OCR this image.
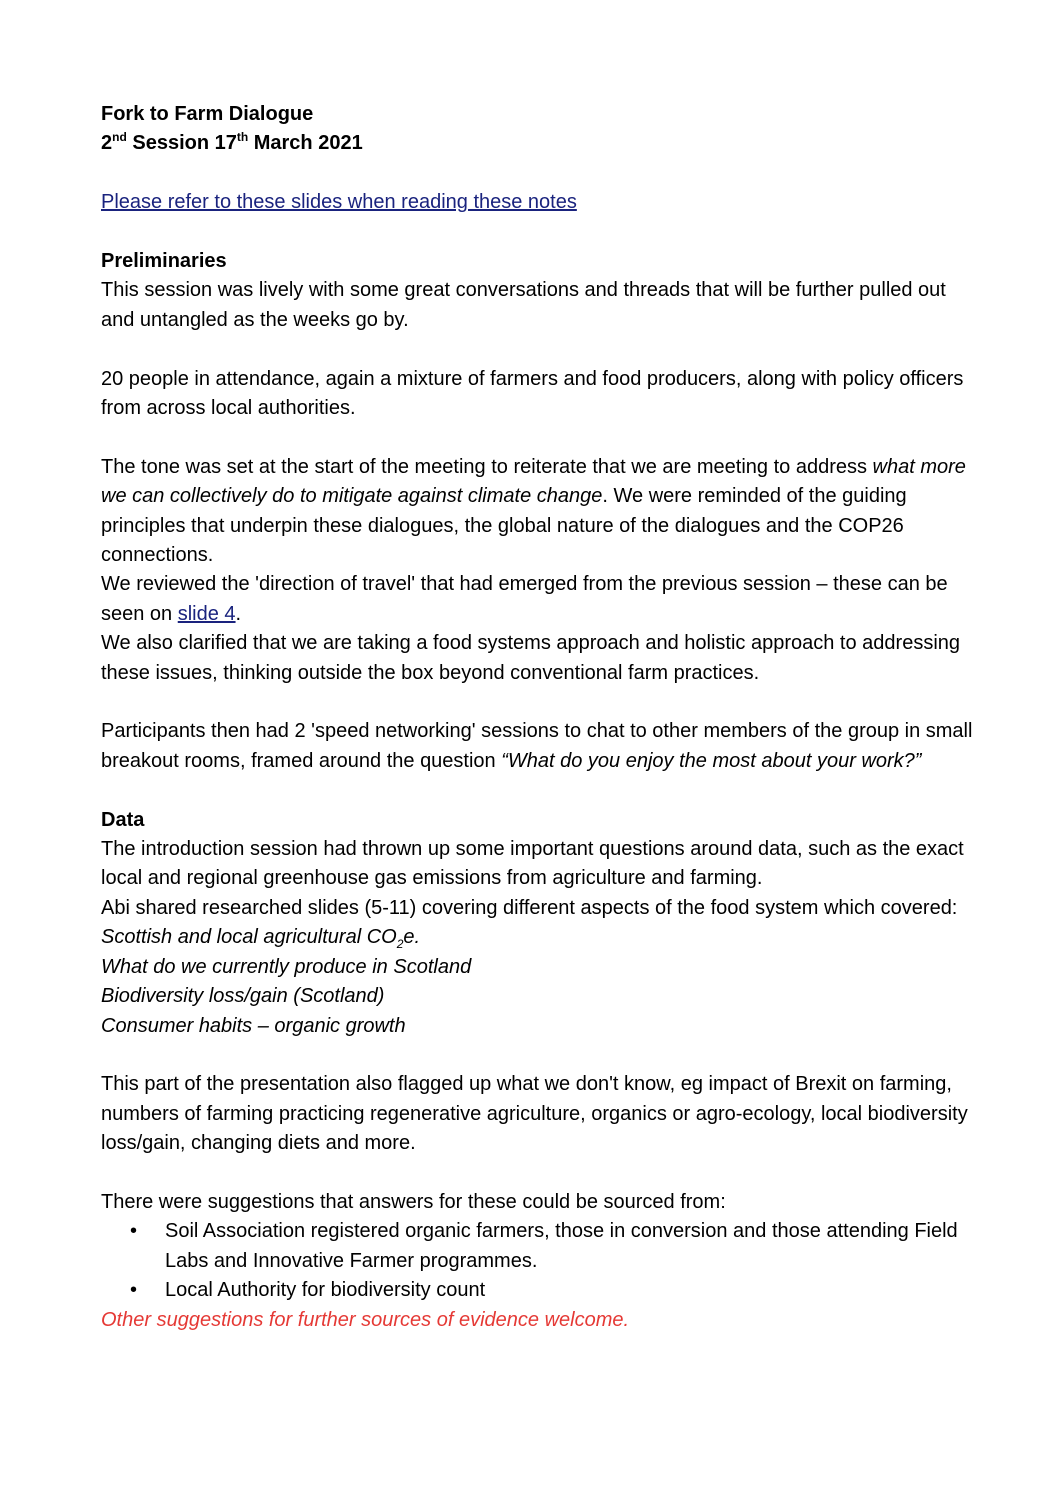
Fork to Farm Dialogue

2nd Session 17th March 2021

Please refer to these slides when reading these notes

Preliminaries

This session was lively with some great conversations and threads that will be further pulled out and untangled as the weeks go by.

20 people in attendance, again a mixture of farmers and food producers, along with policy officers from across local authorities.

The tone was set at the start of the meeting to reiterate that we are meeting to address what more we can collectively do to mitigate against climate change. We were reminded of the guiding principles that underpin these dialogues, the global nature of the dialogues and the COP26 connections.

We reviewed the 'direction of travel' that had emerged from the previous session – these can be seen on slide 4.

We also clarified that we are taking a food systems approach and holistic approach to addressing these issues, thinking outside the box beyond conventional farm practices.

Participants then had 2 'speed networking' sessions to chat to other members of the group in small breakout rooms, framed around the question “What do you enjoy the most about your work?”

Data

The introduction session had thrown up some important questions around data, such as the exact local and regional greenhouse gas emissions from agriculture and farming.

Abi shared researched slides (5-11) covering different aspects of the food system which covered:

Scottish and local agricultural $CO_2e$.

What do we currently produce in Scotland

Biodiversity loss/gain (Scotland)

Consumer habits – organic growth

This part of the presentation also flagged up what we don't know, eg impact of Brexit on farming, numbers of farming practicing regenerative agriculture, organics or agro-ecology, local biodiversity loss/gain, changing diets and more.

There were suggestions that answers for these could be sourced from:

• Soil Association registered organic farmers, those in conversion and those attending Field Labs and Innovative Farmer programmes.
• Local Authority for biodiversity count

Other suggestions for further sources of evidence welcome.
